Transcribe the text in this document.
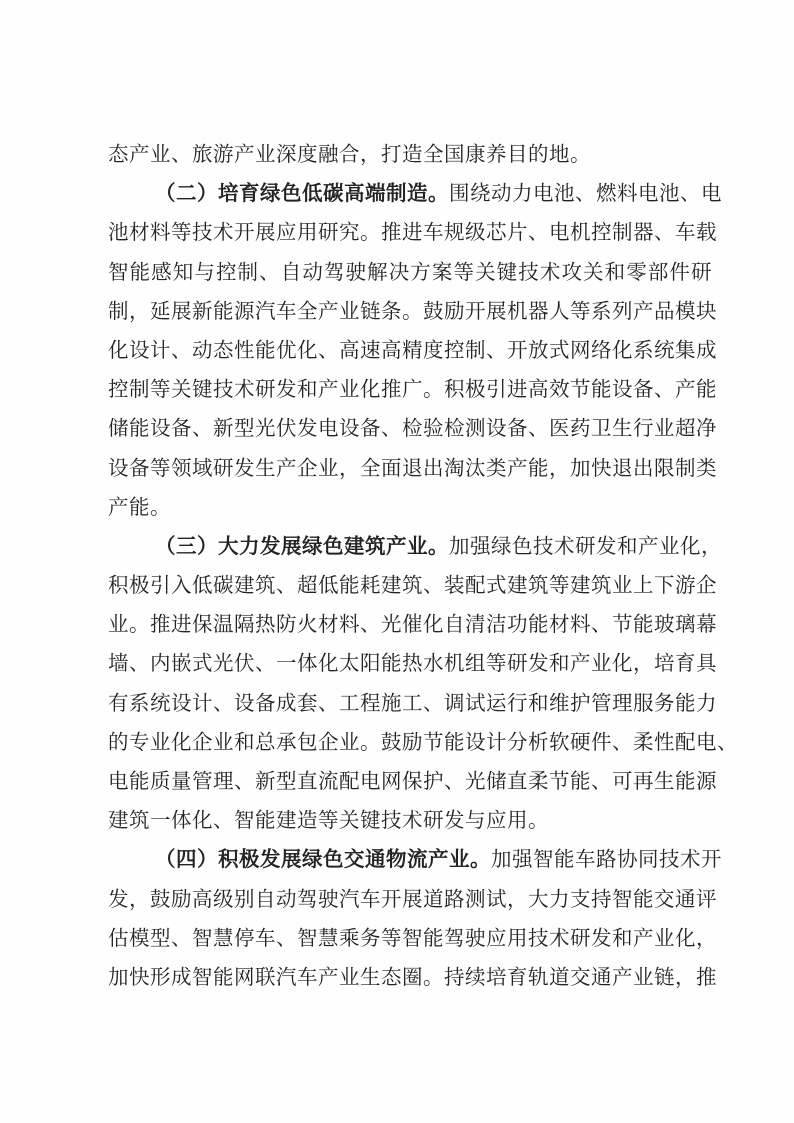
态产业、旅游产业深度融合，打造全国康养目的地。
（二）培育绿色低碳高端制造。围绕动力电池、燃料电池、电
池材料等技术开展应用研究。推进车规级芯片、电机控制器、车载
智能感知与控制、自动驾驶解决方案等关键技术攻关和零部件研
制，延展新能源汽车全产业链条。鼓励开展机器人等系列产品模块
化设计、动态性能优化、高速高精度控制、开放式网络化系统集成
控制等关键技术研发和产业化推广。积极引进高效节能设备、产能
储能设备、新型光伏发电设备、检验检测设备、医药卫生行业超净
设备等领域研发生产企业，全面退出淘汰类产能，加快退出限制类
产能。
（三）大力发展绿色建筑产业。加强绿色技术研发和产业化，
积极引入低碳建筑、超低能耗建筑、装配式建筑等建筑业上下游企
业。推进保温隔热防火材料、光催化自清洁功能材料、节能玻璃幕
墙、内嵌式光伏、一体化太阳能热水机组等研发和产业化，培育具
有系统设计、设备成套、工程施工、调试运行和维护管理服务能力
的专业化企业和总承包企业。鼓励节能设计分析软硬件、柔性配电、
电能质量管理、新型直流配电网保护、光储直柔节能、可再生能源
建筑一体化、智能建造等关键技术研发与应用。
（四）积极发展绿色交通物流产业。加强智能车路协同技术开
发，鼓励高级别自动驾驶汽车开展道路测试，大力支持智能交通评
估模型、智慧停车、智慧乘务等智能驾驶应用技术研发和产业化，
加快形成智能网联汽车产业生态圈。持续培育轨道交通产业链，推
